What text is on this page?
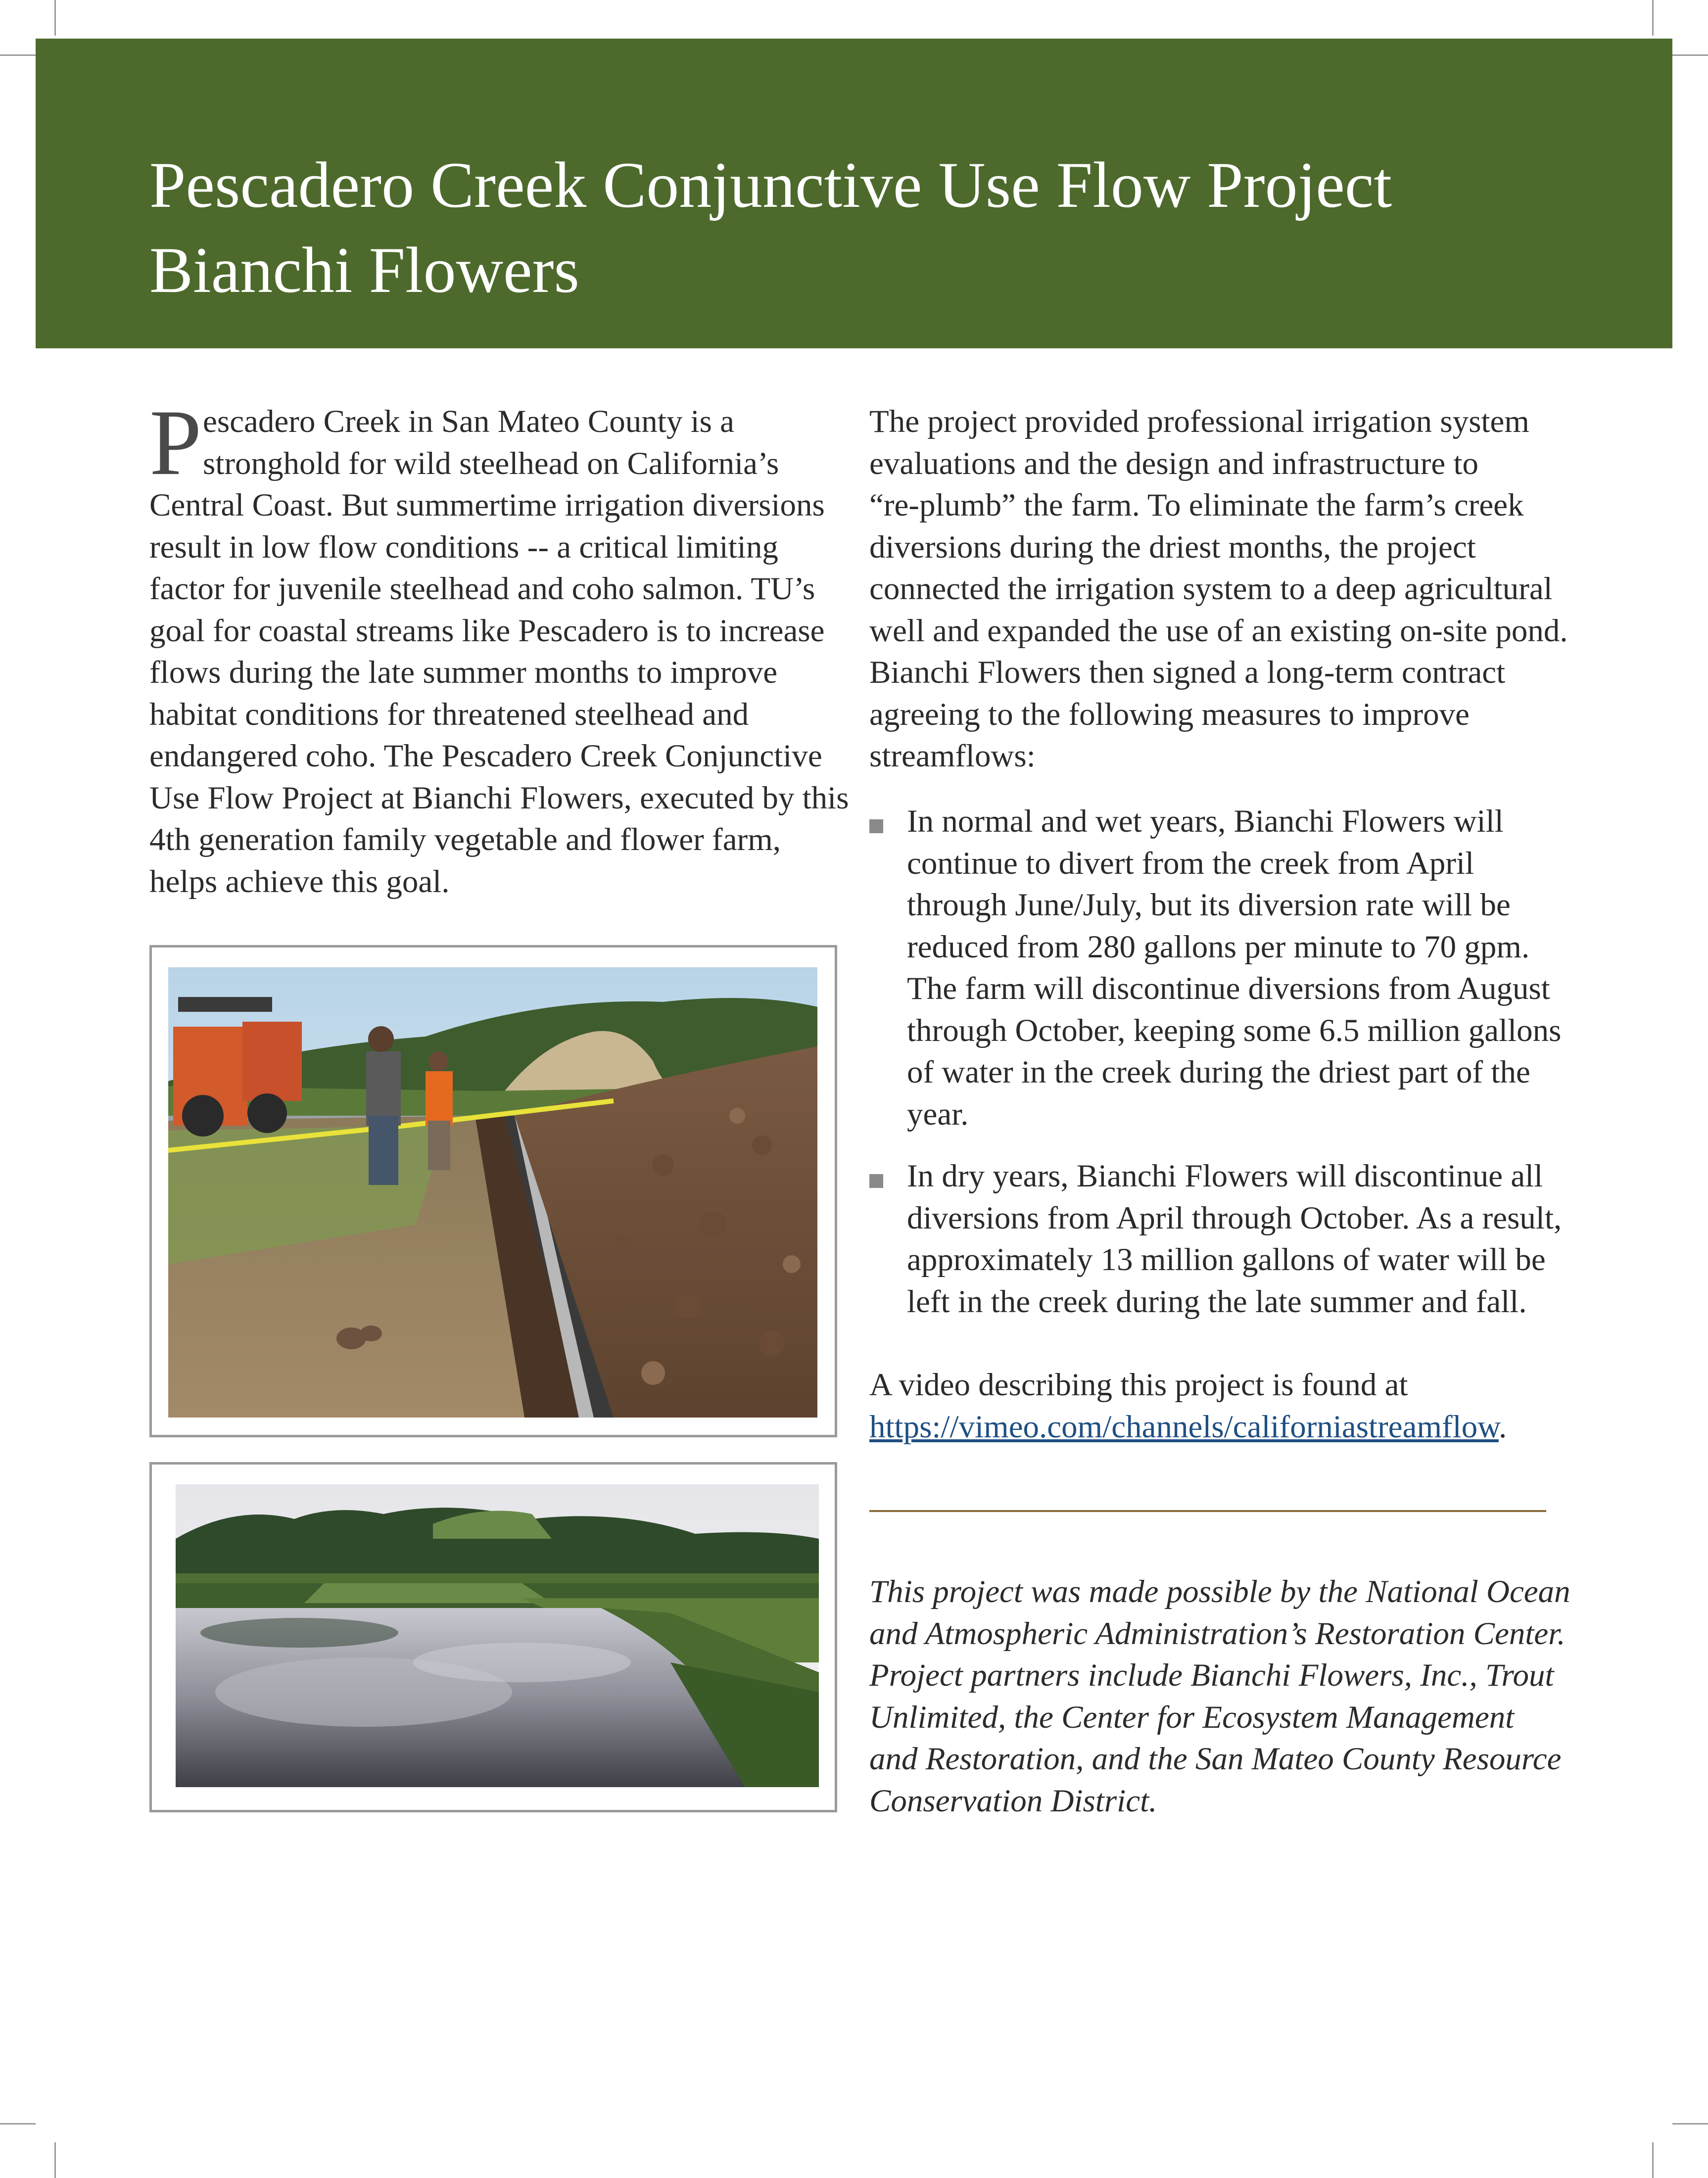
Pescadero Creek Conjunctive Use Flow Project
Bianchi Flowers
P escadero Creek in San Mateo County is a

stronghold for wild steelhead on California’s

Central Coast. But summertime irrigation diversions

result in low flow conditions -- a critical limiting

factor for juvenile steelhead and coho salmon. TU’s

goal for coastal streams like Pescadero is to increase

flows during the late summer months to improve

habitat conditions for threatened steelhead and

endangered coho. The Pescadero Creek Conjunctive

Use Flow Project at Bianchi Flowers, executed by this

4th generation family vegetable and flower farm,

helps achieve this goal.

The project provided professional irrigation system

evaluations and the design and infrastructure to

“re-plumb” the farm. To eliminate the farm’s creek

diversions during the driest months, the project

connected the irrigation system to a deep agricultural

well and expanded the use of an existing on-site pond.

Bianchi Flowers then signed a long-term contract

agreeing to the following measures to improve

streamflows:

In normal and wet years, Bianchi Flowers will

continue to divert from the creek from April

through June/July, but its diversion rate will be

reduced from 280 gallons per minute to 70 gpm.

The farm will discontinue diversions from August

through October, keeping some 6.5 million gallons

of water in the creek during the driest part of the

year.

In dry years, Bianchi Flowers will discontinue all

diversions from April through October. As a result,

approximately 13 million gallons of water will be

left in the creek during the late summer and fall.

A video describing this project is found at

https://vimeo.com/channels/californiastreamflow.

This project was made possible by the National Ocean

and Atmospheric Administration’s Restoration Center.

Project partners include Bianchi Flowers, Inc., Trout

Unlimited, the Center for Ecosystem Management

and Restoration, and the San Mateo County Resource

Conservation District.
